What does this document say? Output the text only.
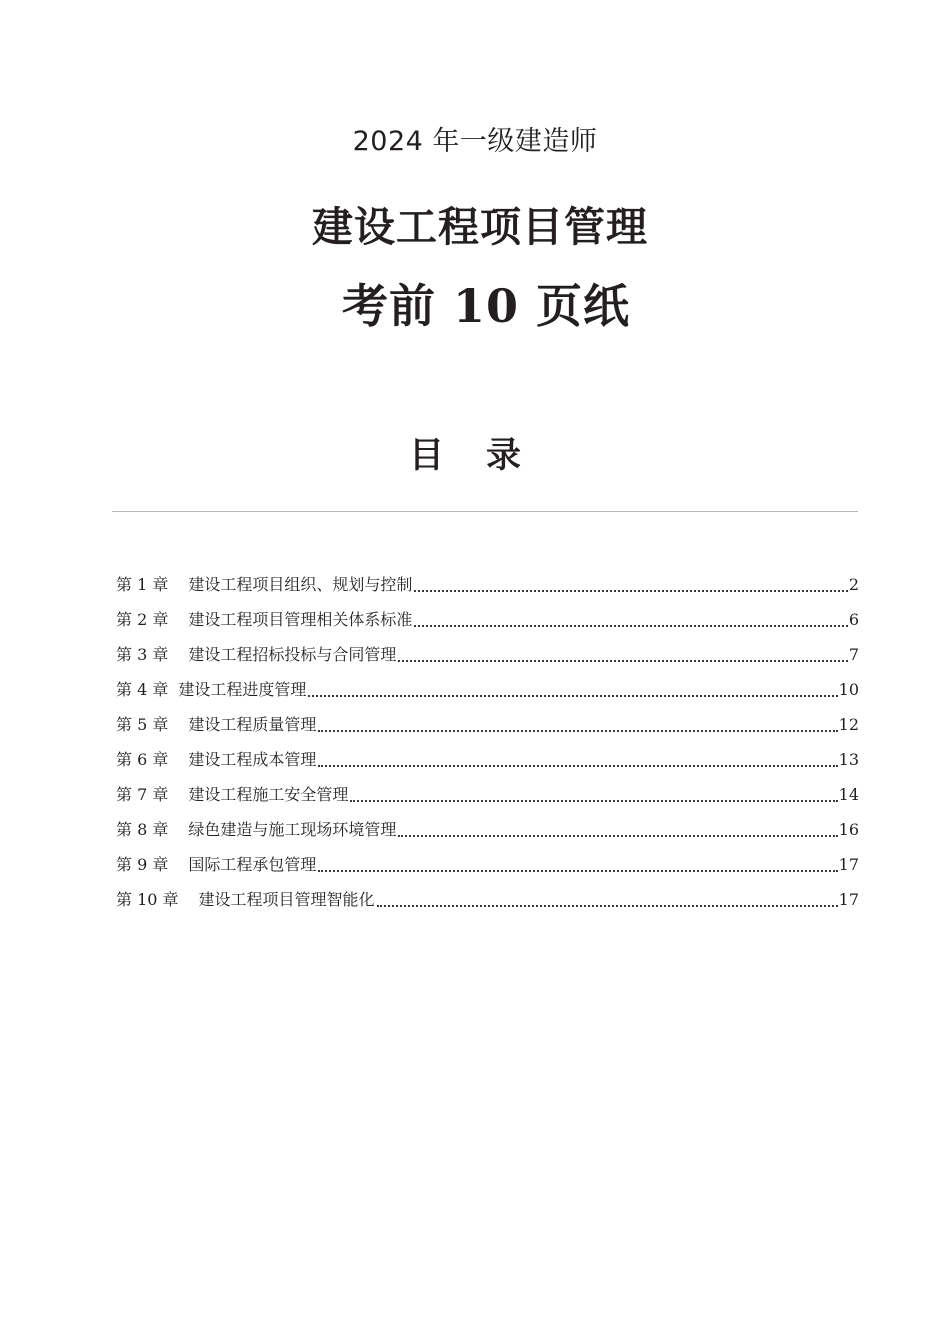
2024 年一级建造师
建设工程项目管理
考前 10 页纸
目录
第 1 章 建设工程项目组织、规划与控制	2
第 2 章 建设工程项目管理相关体系标准	6
第 3 章 建设工程招标投标与合同管理	7
第 4 章 建设工程进度管理	10
第 5 章 建设工程质量管理	12
第 6 章 建设工程成本管理	13
第 7 章 建设工程施工安全管理	14
第 8 章 绿色建造与施工现场环境管理	16
第 9 章 国际工程承包管理	17
第 10 章 建设工程项目管理智能化	17
